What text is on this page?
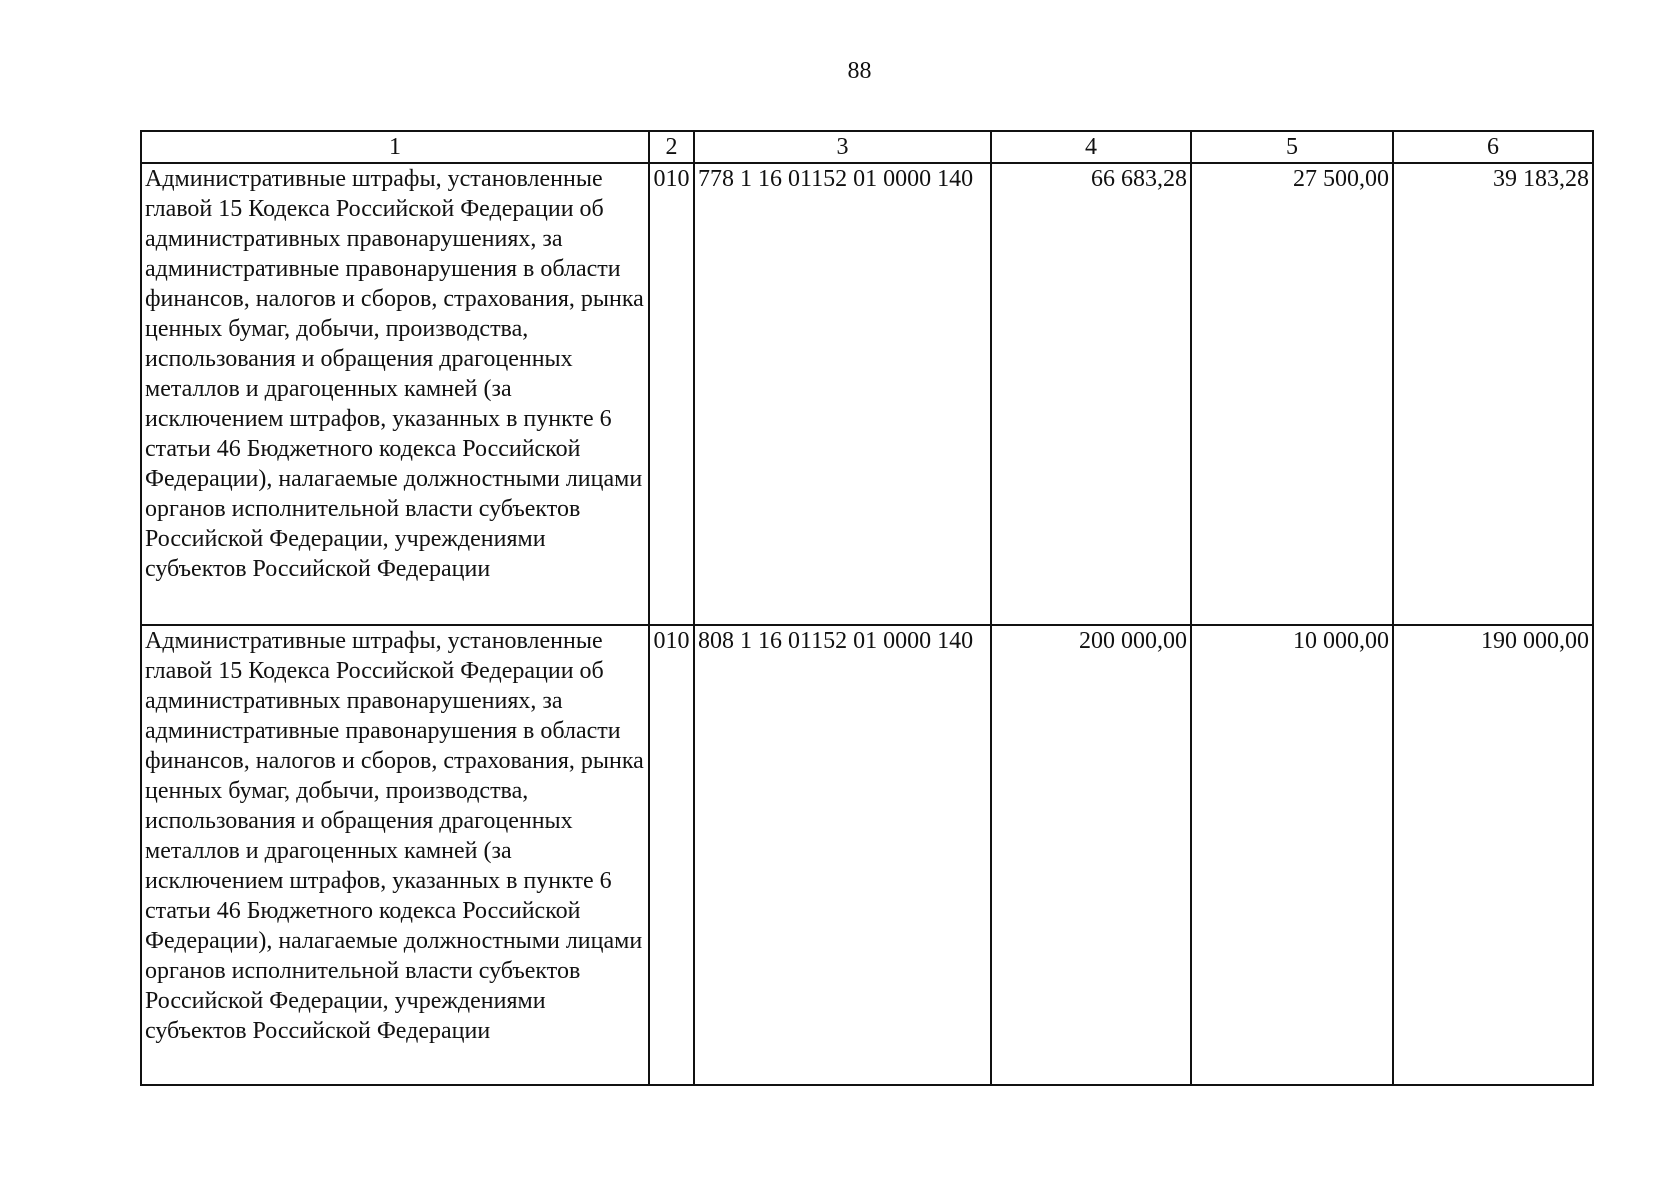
88
1	2	3	4	5	6
Административные штрафы, установленные главой 15 Кодекса Российской Федерации об административных правонарушениях, за административные правонарушения в области финансов, налогов и сборов, страхования, рынка ценных бумаг, добычи, производства, использования и обращения драгоценных металлов и драгоценных камней (за исключением штрафов, указанных в пункте 6 статьи 46 Бюджетного кодекса Российской Федерации), налагаемые должностными лицами органов исполнительной власти субъектов Российской Федерации, учреждениями субъектов Российской Федерации	010	778 1 16 01152 01 0000 140	66 683,28	27 500,00	39 183,28
Административные штрафы, установленные главой 15 Кодекса Российской Федерации об административных правонарушениях, за административные правонарушения в области финансов, налогов и сборов, страхования, рынка ценных бумаг, добычи, производства, использования и обращения драгоценных металлов и драгоценных камней (за исключением штрафов, указанных в пункте 6 статьи 46 Бюджетного кодекса Российской Федерации), налагаемые должностными лицами органов исполнительной власти субъектов Российской Федерации, учреждениями субъектов Российской Федерации	010	808 1 16 01152 01 0000 140	200 000,00	10 000,00	190 000,00
